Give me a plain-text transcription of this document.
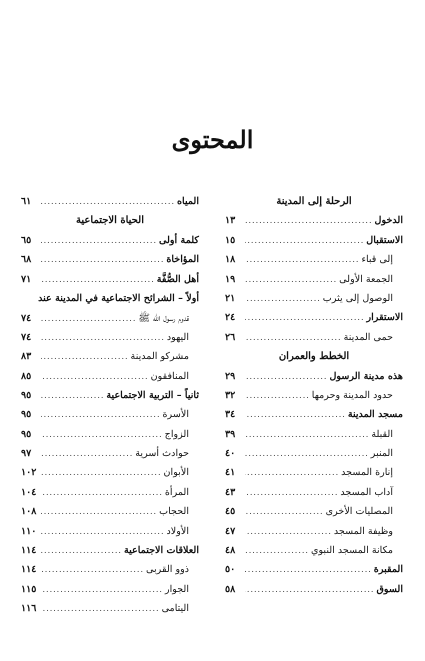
المحتوى
الرحلة إلى المدينة
الدخول
.....
١٣
الاستقبال
.....
١٥
إلى قباء
.....
١٨
الجمعة الأولى
.....
١٩
الوصول إلى يثرب
.....
٢١
الاستقرار
.....
٢٤
حمى المدينة
.....
٢٦
الخطط والعمران
هذه مدينة الرسول
.....
٢٩
حدود المدينة وحرمها
.....
٣٢
مسجد المدينة
.....
٣٤
القبلة
.....
٣٩
المنبر
.....
٤٠
إنارة المسجد
.....
٤١
آداب المسجد
.....
٤٣
المصليات الأخرى
.....
٤٥
وظيفة المسجد
.....
٤٧
مكانة المسجد النبوي
.....
٤٨
المقبرة
.....
٥٠
السوق
.....
٥٨
المياه
.....
٦١
الحياة الاجتماعية
كلمة أولى
.....
٦٥
المؤاخاة
.....
٦٨
أهل الصُّفَّة
.....
٧١
أولاً – الشرائح الاجتماعية في المدينة عند
قدوم رسول الله ﷺ
.....
٧٤
اليهود
.....
٧٤
مشركو المدينة
.....
٨٣
المنافقون
.....
٨٥
ثانياً – التربية الاجتماعية
.....
٩٥
الأسرة
.....
٩٥
الزواج
.....
٩٥
حوادث أسرية
.....
٩٧
الأبوان
.....
١٠٢
المرأة
.....
١٠٤
الحجاب
.....
١٠٨
الأولاد
.....
١١٠
العلاقات الاجتماعية
.....
١١٤
ذوو القربى
.....
١١٤
الجوار
.....
١١٥
اليتامى
.....
١١٦
